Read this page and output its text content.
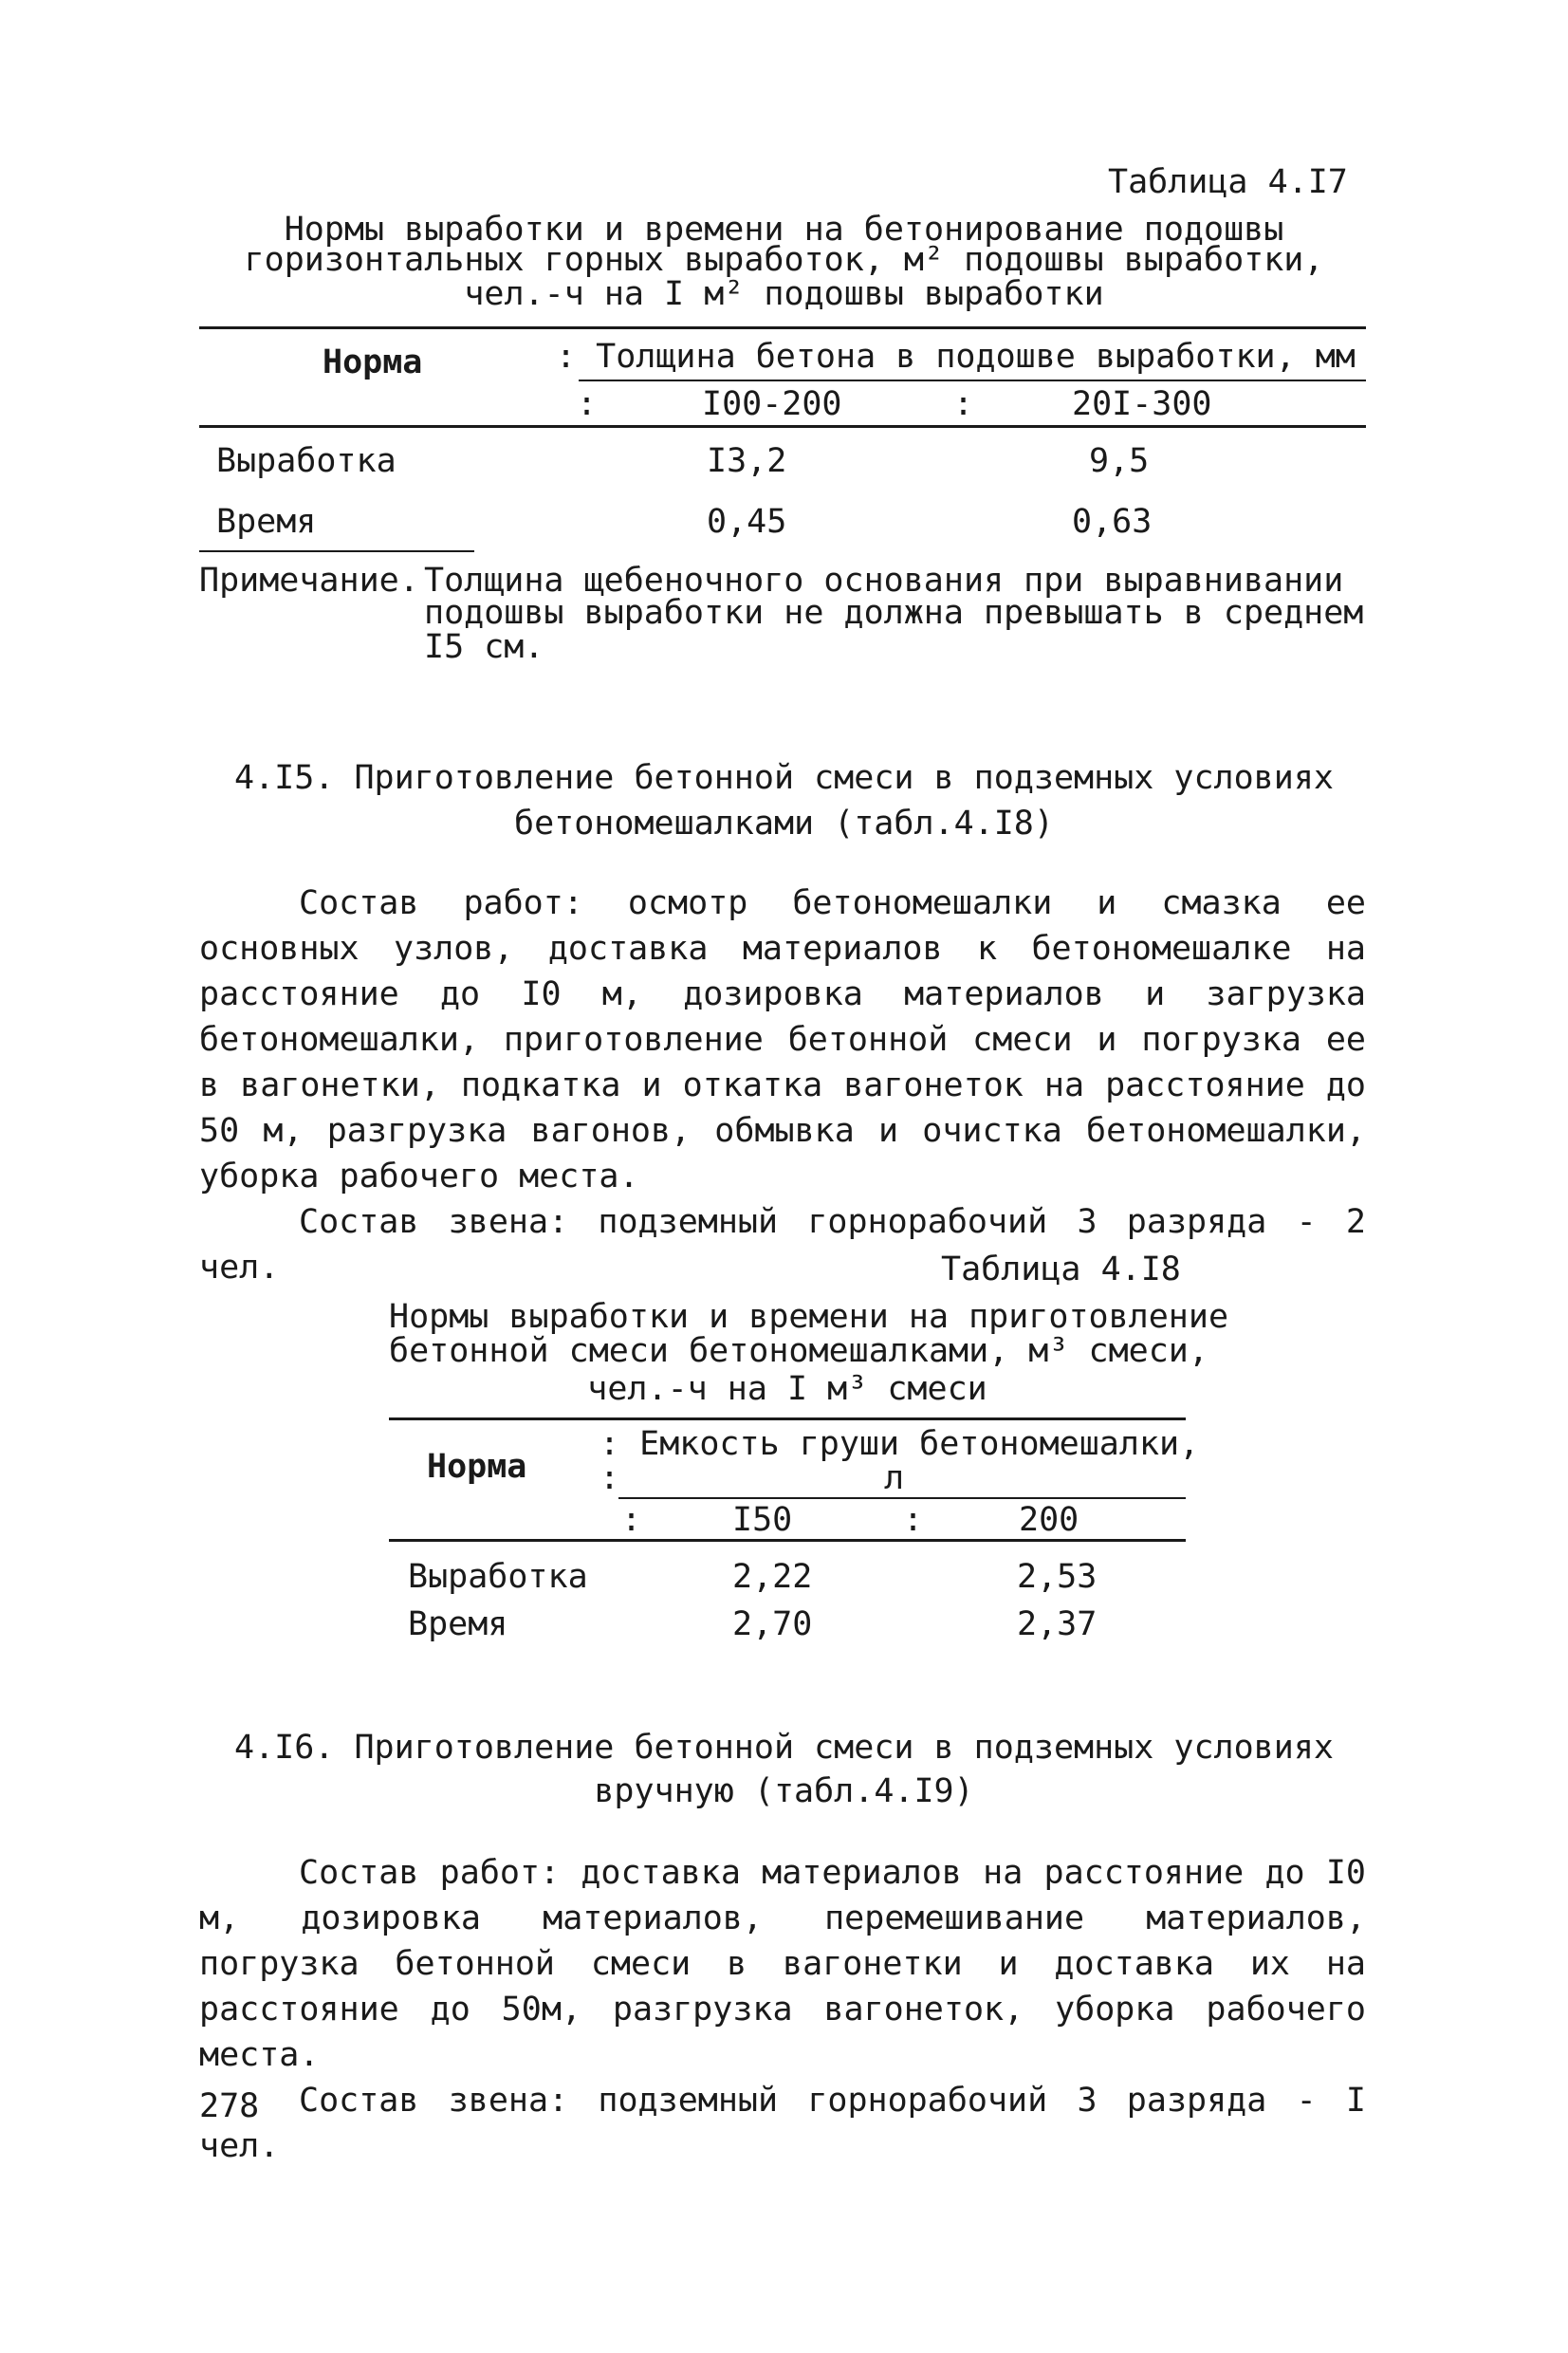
Таблица 4.I7
Нормы выработки и времени на бетонирование подошвы
горизонтальных горных выработок, м² подошвы выработки,
чел.-ч на I м² подошвы выработки
Норма	: Толщина бетона в подошве выработки, мм
:	I00-200	:	20I-300
Выработка	I3,2	9,5
Время	0,45	0,63
Примечание. Толщина щебеночного основания при выравнивании
подошвы выработки не должна превышать в среднем
I5 см.
4.I5. Приготовление бетонной смеси в подземных условиях
бетономешалками (табл.4.I8)

Состав работ: осмотр бетономешалки и смазка ее основных узлов, доставка материалов к бетономешалке на расстояние до I0 м, дозировка материалов и загрузка бетономешалки, приготовление бетонной смеси и погрузка ее в вагонетки, подкатка и откатка вагонеток на расстояние до 50 м, разгрузка вагонов, обмывка и очистка бетономешалки, уборка рабочего места.

Состав звена: подземный горнорабочий 3 разряда - 2 чел.	Таблица 4.I8
Нормы выработки и времени на приготовление
бетонной смеси бетономешалками, м³ смеси,
чел.-ч на I м³ смеси
Норма
: Емкость груши бетономешалки,
:	л
:	I50	:	200
Выработка	2,22	2,53
Время	2,70	2,37
4.I6. Приготовление бетонной смеси в подземных условиях
вручную (табл.4.I9)

Состав работ: доставка материалов на расстояние до I0 м, дозировка материалов, перемешивание материалов, погрузка бетонной смеси в вагонетки и доставка их на расстояние до 50м, разгрузка вагонеток, уборка рабочего места.

Состав звена: подземный горнорабочий 3 разряда - I чел.

278
